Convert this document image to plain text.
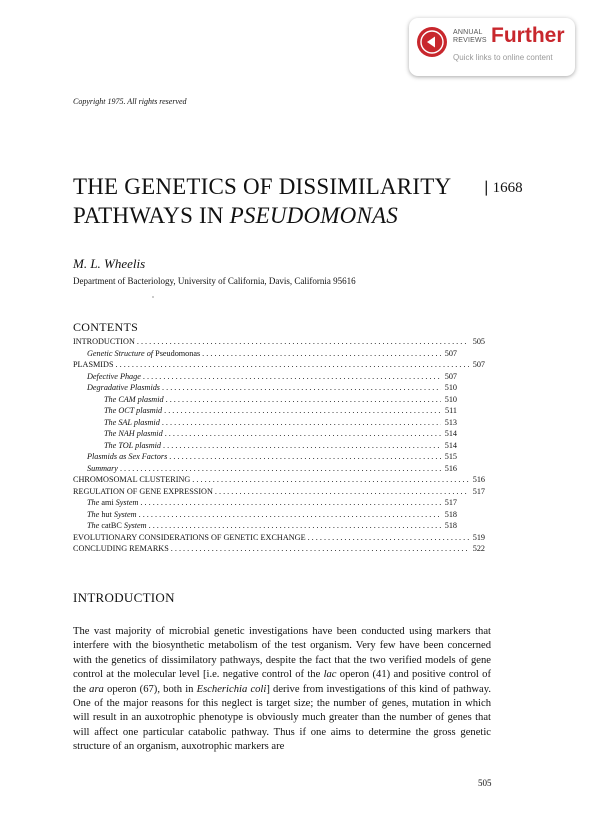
ANNUAL
REVIEWS Further
Quick links to online content
Copyright 1975. All rights reserved
THE GENETICS OF DISSIMILARITY
PATHWAYS IN PSEUDOMONAS
❘1668
M. L. Wheelis
Department of Bacteriology, University of California, Davis, California 95616
CONTENTS
INTRODUCTION . . .	505
Genetic Structure of Pseudomonas . . .	507
PLASMIDS . . .	507
Defective Phage . . .	507
Degradative Plasmids . . .	510
The CAM plasmid . . .	510
The OCT plasmid . . .	511
The SAL plasmid . . .	513
The NAH plasmid . . .	514
The TOL plasmid . . .	514
Plasmids as Sex Factors . . .	515
Summary . . .	516
CHROMOSOMAL CLUSTERING . . .	516
REGULATION OF GENE EXPRESSION . . .	517
The ami System . . .	517
The hut System . . .	518
The catBC System . . .	518
EVOLUTIONARY CONSIDERATIONS OF GENETIC EXCHANGE . . .	519
CONCLUDING REMARKS . . .	522
INTRODUCTION
The vast majority of microbial genetic investigations have been conducted using markers that interfere with the biosynthetic metabolism of the test organism. Very few have been concerned with the genetics of dissimilatory pathways, despite the fact that the two verified models of gene control at the molecular level [i.e. negative control of the lac operon (41) and positive control of the ara operon (67), both in Escherichia coli] derive from investigations of this kind of pathway. One of the major reasons for this neglect is target size; the number of genes, mutation in which will result in an auxotrophic phenotype is obviously much greater than the number of genes that will affect one particular catabolic pathway. Thus if one aims to determine the gross genetic structure of an organism, auxotrophic markers are
505
